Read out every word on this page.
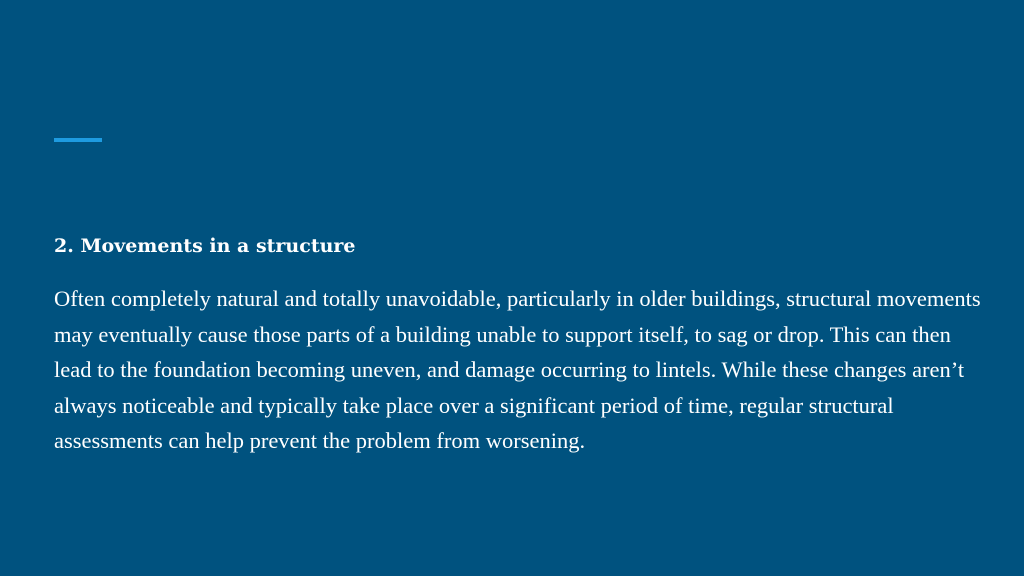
2. Movements in a structure

Often completely natural and totally unavoidable, particularly in older buildings, structural movements may eventually cause those parts of a building unable to support itself, to sag or drop. This can then lead to the foundation becoming uneven, and damage occurring to lintels. While these changes aren’t always noticeable and typically take place over a significant period of time, regular structural assessments can help prevent the problem from worsening.
